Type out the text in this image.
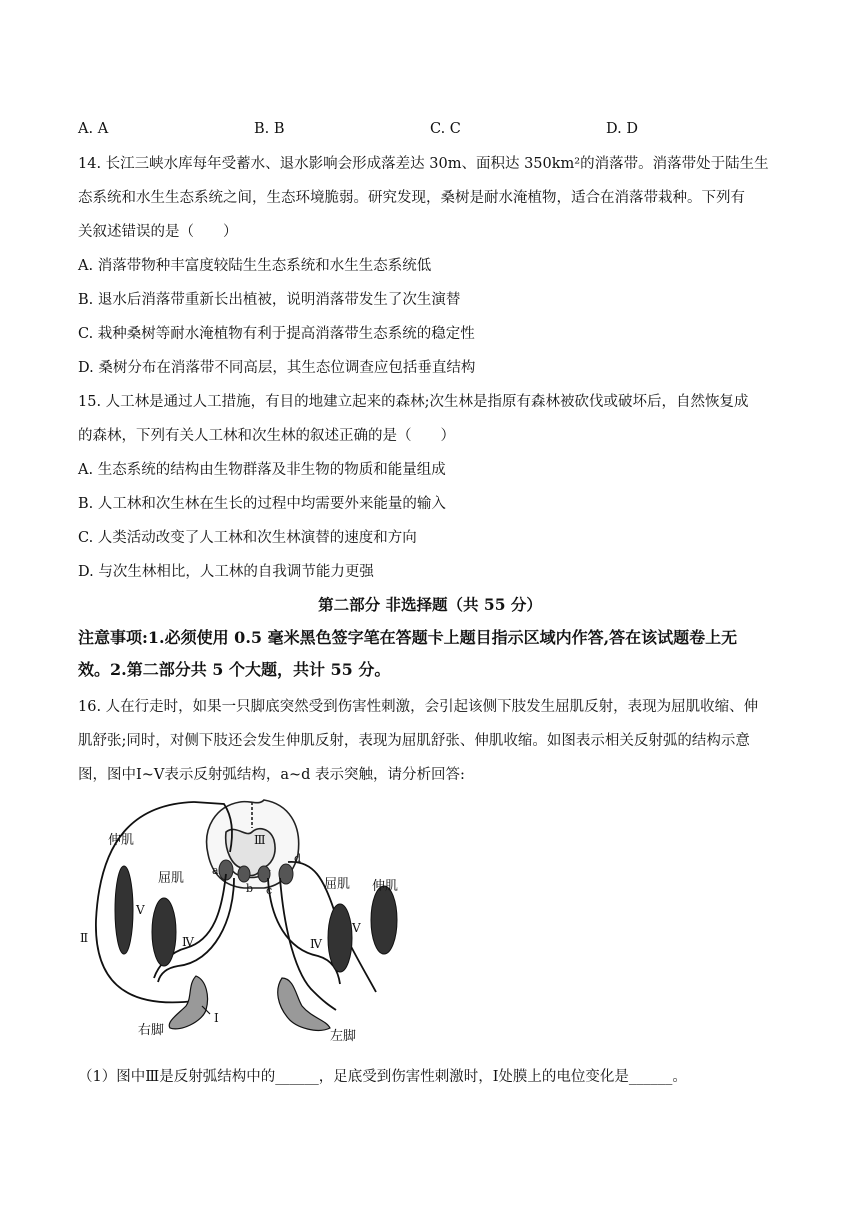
A. A	B. B	C. C	D. D
14. 长江三峡水库每年受蓄水、退水影响会形成落差达 30m、面积达 350km²的消落带。消落带处于陆生生
态系统和水生生态系统之间，生态环境脆弱。研究发现，桑树是耐水淹植物，适合在消落带栽种。下列有
关叙述错误的是（　　）
A. 消落带物种丰富度较陆生生态系统和水生生态系统低
B. 退水后消落带重新长出植被，说明消落带发生了次生演替
C. 栽种桑树等耐水淹植物有利于提高消落带生态系统的稳定性
D. 桑树分布在消落带不同高层，其生态位调查应包括垂直结构
15. 人工林是通过人工措施，有目的地建立起来的森林;次生林是指原有森林被砍伐或破坏后，自然恢复成
的森林，下列有关人工林和次生林的叙述正确的是（　　）
A. 生态系统的结构由生物群落及非生物的物质和能量组成
B. 人工林和次生林在生长的过程中均需要外来能量的输入
C. 人类活动改变了人工林和次生林演替的速度和方向
D. 与次生林相比，人工林的自我调节能力更强
第二部分 非选择题（共 55 分）
注意事项:1.必须使用 0.5 毫米黑色签字笔在答题卡上题目指示区域内作答,答在该试题卷上无
效。2.第二部分共 5 个大题，共计 55 分。
16. 人在行走时，如果一只脚底突然受到伤害性刺激，会引起该侧下肢发生屈肌反射，表现为屈肌收缩、伸
肌舒张;同时，对侧下肢还会发生伸肌反射，表现为屈肌舒张、伸肌收缩。如图表示相关反射弧的结构示意
图，图中Ⅰ~Ⅴ表示反射弧结构，a~d 表示突触，请分析回答:
伸肌
屈肌	屈肌 伸肌
右脚	左脚
Ⅰ
Ⅱ
Ⅲ
Ⅳ	Ⅳ
V
V
a
b c
d
（1）图中Ⅲ是反射弧结构中的______，足底受到伤害性刺激时，Ⅰ处膜上的电位变化是______。
